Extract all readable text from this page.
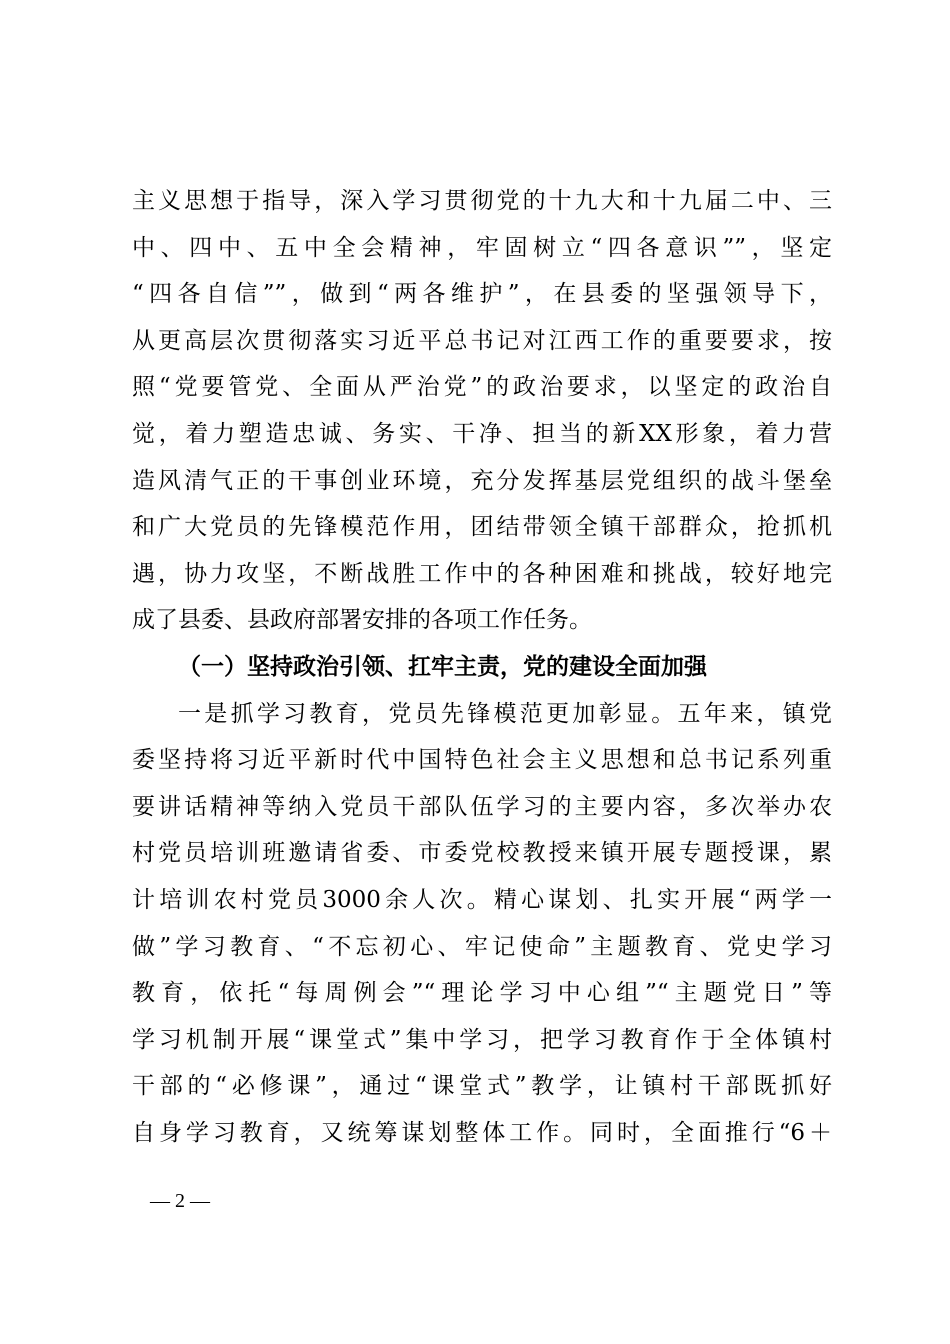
主义思想于指导，深入学习贯彻党的十九大和十九届二中、三
中、四中、五中全会精神，牢固树立“四各意识””，坚定
“四各自信””，做到“两各维护”，在县委的坚强领导下，
从更高层次贯彻落实习近平总书记对江西工作的重要要求，按
照“党要管党、全面从严治党”的政治要求，以坚定的政治自
觉，着力塑造忠诚、务实、干净、担当的新XX形象，着力营
造风清气正的干事创业环境，充分发挥基层党组织的战斗堡垒
和广大党员的先锋模范作用，团结带领全镇干部群众，抢抓机
遇，协力攻坚，不断战胜工作中的各种困难和挑战，较好地完
成了县委、县政府部署安排的各项工作任务。
（一）坚持政治引领、扛牢主责，党的建设全面加强
一是抓学习教育，党员先锋模范更加彰显。五年来，镇党
委坚持将习近平新时代中国特色社会主义思想和总书记系列重
要讲话精神等纳入党员干部队伍学习的主要内容，多次举办农
村党员培训班邀请省委、市委党校教授来镇开展专题授课，累
计培训农村党员3000余人次。精心谋划、扎实开展“两学一
做”学习教育、“不忘初心、牢记使命”主题教育、党史学习
教育，依托“每周例会”“理论学习中心组”“主题党日”等
学习机制开展“课堂式”集中学习，把学习教育作于全体镇村
干部的“必修课”，通过“课堂式”教学，让镇村干部既抓好
自身学习教育，又统筹谋划整体工作。同时，全面推行“6＋
— 2 —
